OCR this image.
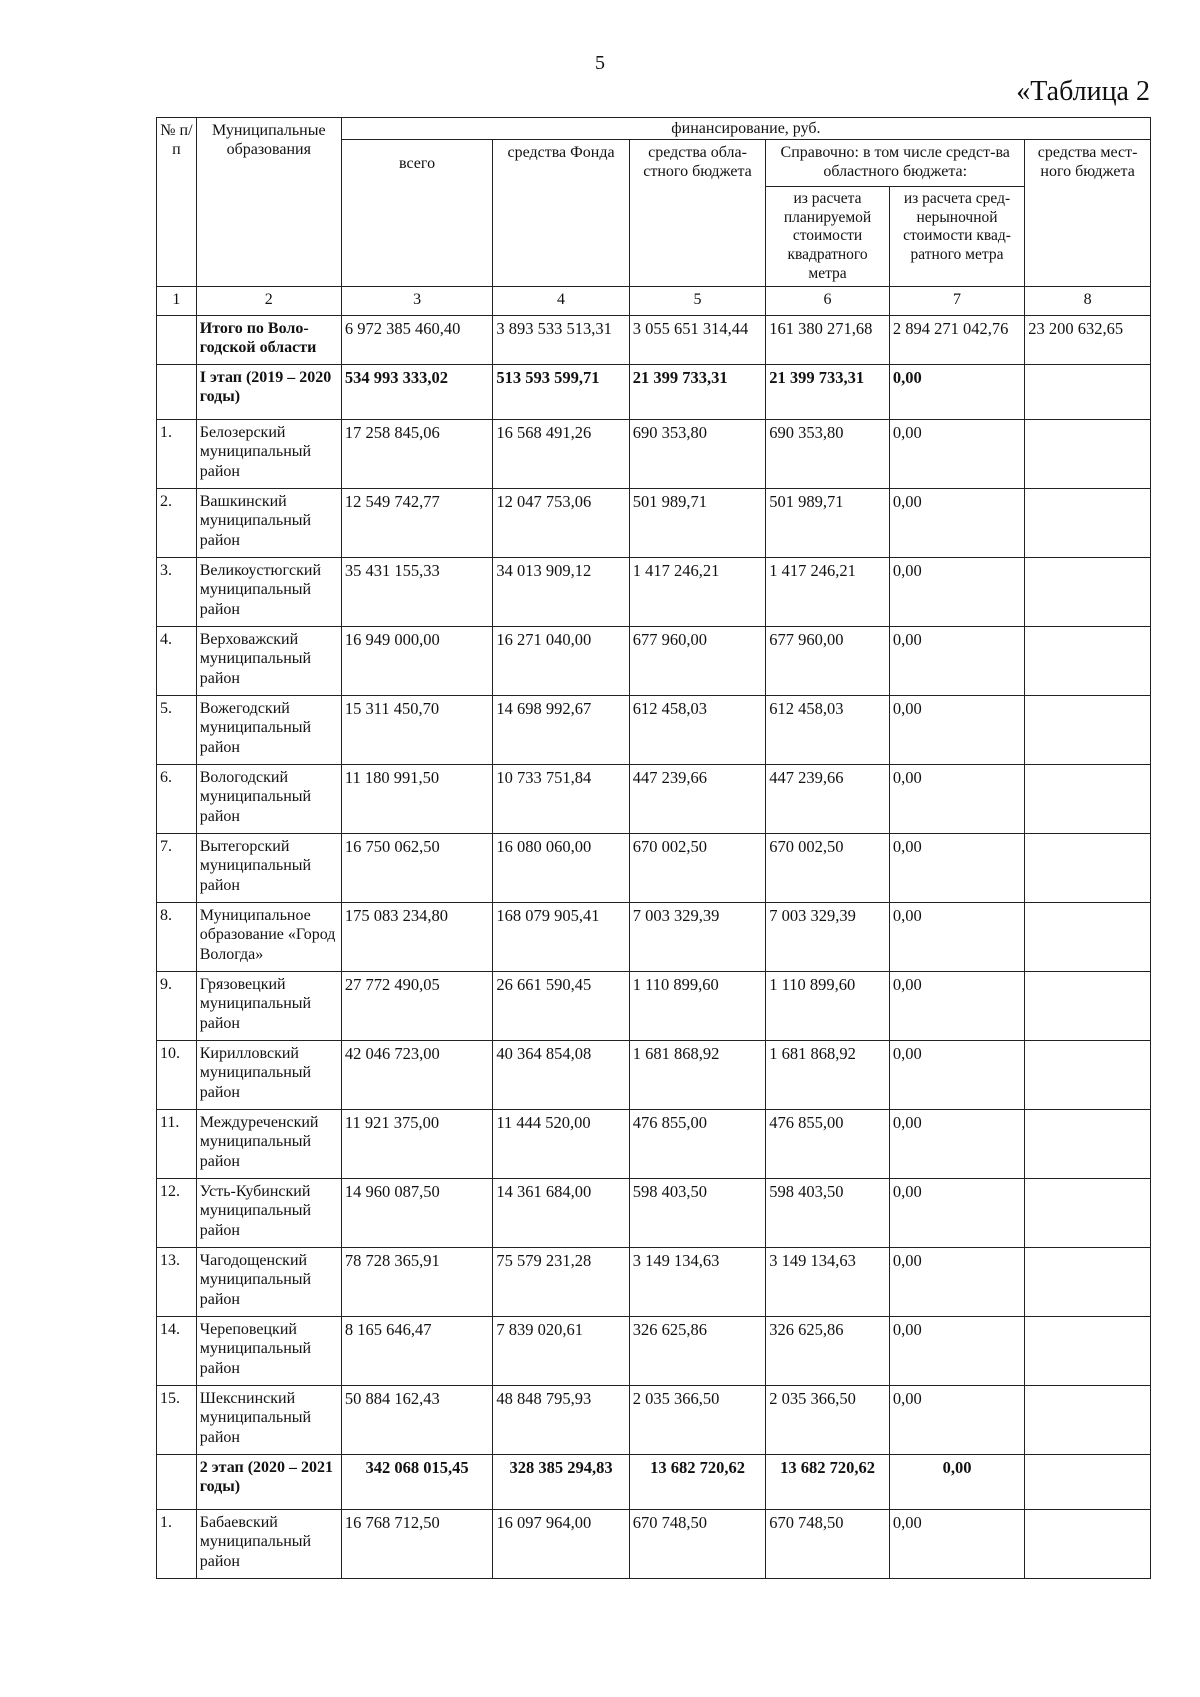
5
«Таблица 2
№ п/п	Муниципальные образования	финансирование, руб.					
		всего	средства Фонда	средства обла-стного бюджета	Справочно: в том числе средст-ва областного бюджета:		средства мест-ного бюджета
					из расчета планируемой стоимости квадратного метра	из расчета сред-нерыночной стоимости квад-ратного метра	
1	2	3	4	5	6	7	8
	Итого по Воло-годской области	6 972 385 460,40	3 893 533 513,31	3 055 651 314,44	161 380 271,68	2 894 271 042,76	23 200 632,65
	I этап (2019 – 2020 годы)	534 993 333,02	513 593 599,71	21 399 733,31	21 399 733,31	0,00	
1.	Белозерский муниципальный район	17 258 845,06	16 568 491,26	690 353,80	690 353,80	0,00	
2.	Вашкинский муниципальный район	12 549 742,77	12 047 753,06	501 989,71	501 989,71	0,00	
3.	Великоустюгский муниципальный район	35 431 155,33	34 013 909,12	1 417 246,21	1 417 246,21	0,00	
4.	Верховажский муниципальный район	16 949 000,00	16 271 040,00	677 960,00	677 960,00	0,00	
5.	Вожегодский муниципальный район	15 311 450,70	14 698 992,67	612 458,03	612 458,03	0,00	
6.	Вологодский муниципальный район	11 180 991,50	10 733 751,84	447 239,66	447 239,66	0,00	
7.	Вытегорский муниципальный район	16 750 062,50	16 080 060,00	670 002,50	670 002,50	0,00	
8.	Муниципальное образование «Город Вологда»	175 083 234,80	168 079 905,41	7 003 329,39	7 003 329,39	0,00	
9.	Грязовецкий муниципальный район	27 772 490,05	26 661 590,45	1 110 899,60	1 110 899,60	0,00	
10.	Кирилловский муниципальный район	42 046 723,00	40 364 854,08	1 681 868,92	1 681 868,92	0,00	
11.	Междуреченский муниципальный район	11 921 375,00	11 444 520,00	476 855,00	476 855,00	0,00	
12.	Усть-Кубинский муниципальный район	14 960 087,50	14 361 684,00	598 403,50	598 403,50	0,00	
13.	Чагодощенский муниципальный район	78 728 365,91	75 579 231,28	3 149 134,63	3 149 134,63	0,00	
14.	Череповецкий муниципальный район	8 165 646,47	7 839 020,61	326 625,86	326 625,86	0,00	
15.	Шекснинский муниципальный район	50 884 162,43	48 848 795,93	2 035 366,50	2 035 366,50	0,00	
	2 этап (2020 – 2021 годы)	342 068 015,45	328 385 294,83	13 682 720,62	13 682 720,62	0,00	
1.	Бабаевский муниципальный район	16 768 712,50	16 097 964,00	670 748,50	670 748,50	0,00	
